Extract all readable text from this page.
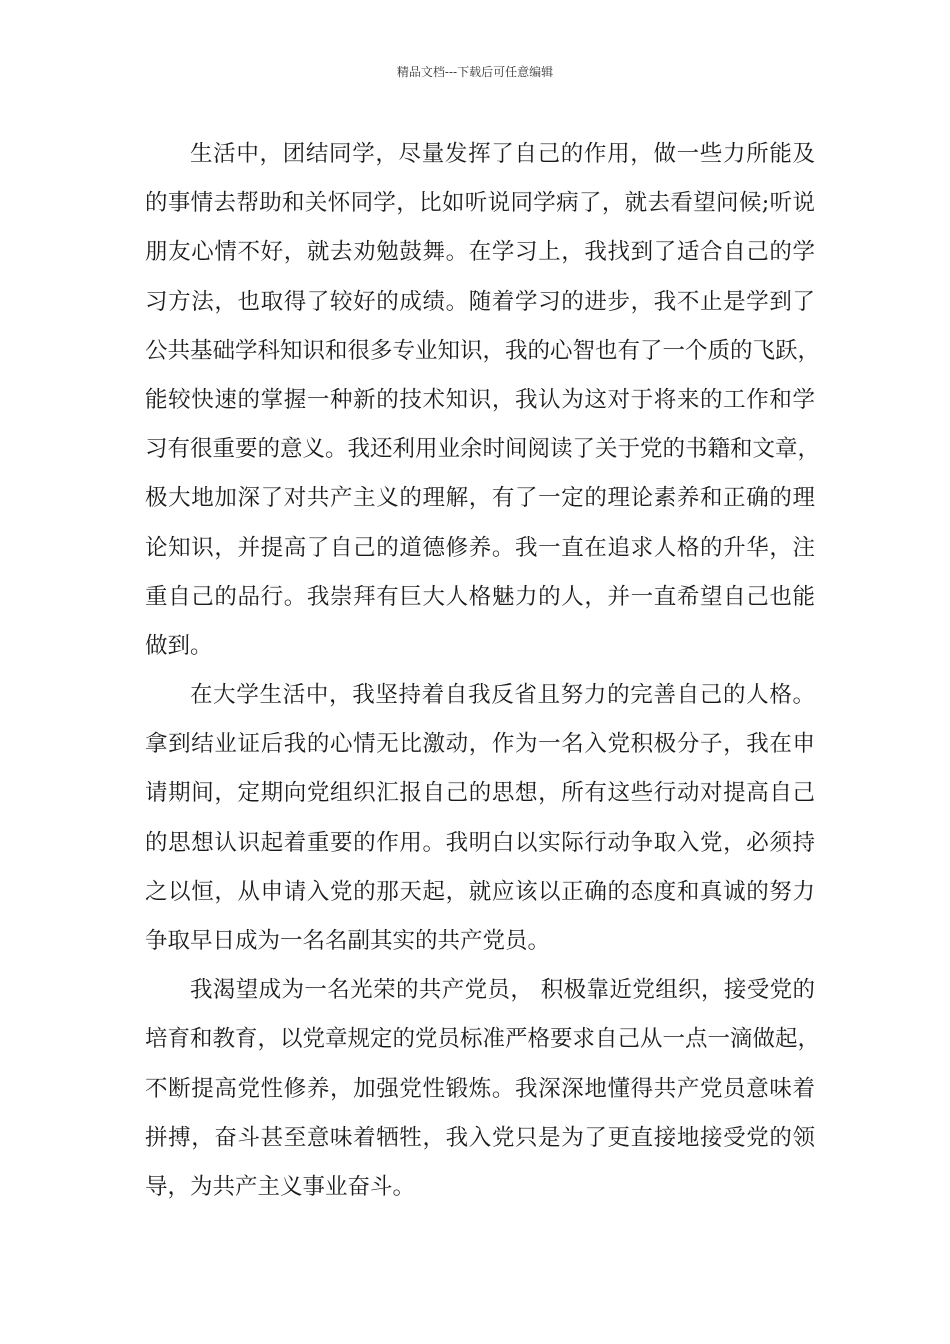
精品文档---下载后可任意编辑
生活中，团结同学，尽量发挥了自己的作用，做一些力所能及
的事情去帮助和关怀同学，比如听说同学病了，就去看望问候;听说
朋友心情不好，就去劝勉鼓舞。在学习上，我找到了适合自己的学
习方法，也取得了较好的成绩。随着学习的进步，我不止是学到了
公共基础学科知识和很多专业知识，我的心智也有了一个质的飞跃，
能较快速的掌握一种新的技术知识，我认为这对于将来的工作和学
习有很重要的意义。我还利用业余时间阅读了关于党的书籍和文章，
极大地加深了对共产主义的理解，有了一定的理论素养和正确的理
论知识，并提高了自己的道德修养。我一直在追求人格的升华，注
重自己的品行。我崇拜有巨大人格魅力的人，并一直希望自己也能
做到。
在大学生活中，我坚持着自我反省且努力的完善自己的人格。
拿到结业证后我的心情无比激动，作为一名入党积极分子，我在申
请期间，定期向党组织汇报自己的思想，所有这些行动对提高自己
的思想认识起着重要的作用。我明白以实际行动争取入党，必须持
之以恒，从申请入党的那天起，就应该以正确的态度和真诚的努力
争取早日成为一名名副其实的共产党员。
我渴望成为一名光荣的共产党员， 积极靠近党组织，接受党的
培育和教育，以党章规定的党员标准严格要求自己从一点一滴做起，
不断提高党性修养，加强党性锻炼。我深深地懂得共产党员意味着
拼搏，奋斗甚至意味着牺牲，我入党只是为了更直接地接受党的领
导，为共产主义事业奋斗。
